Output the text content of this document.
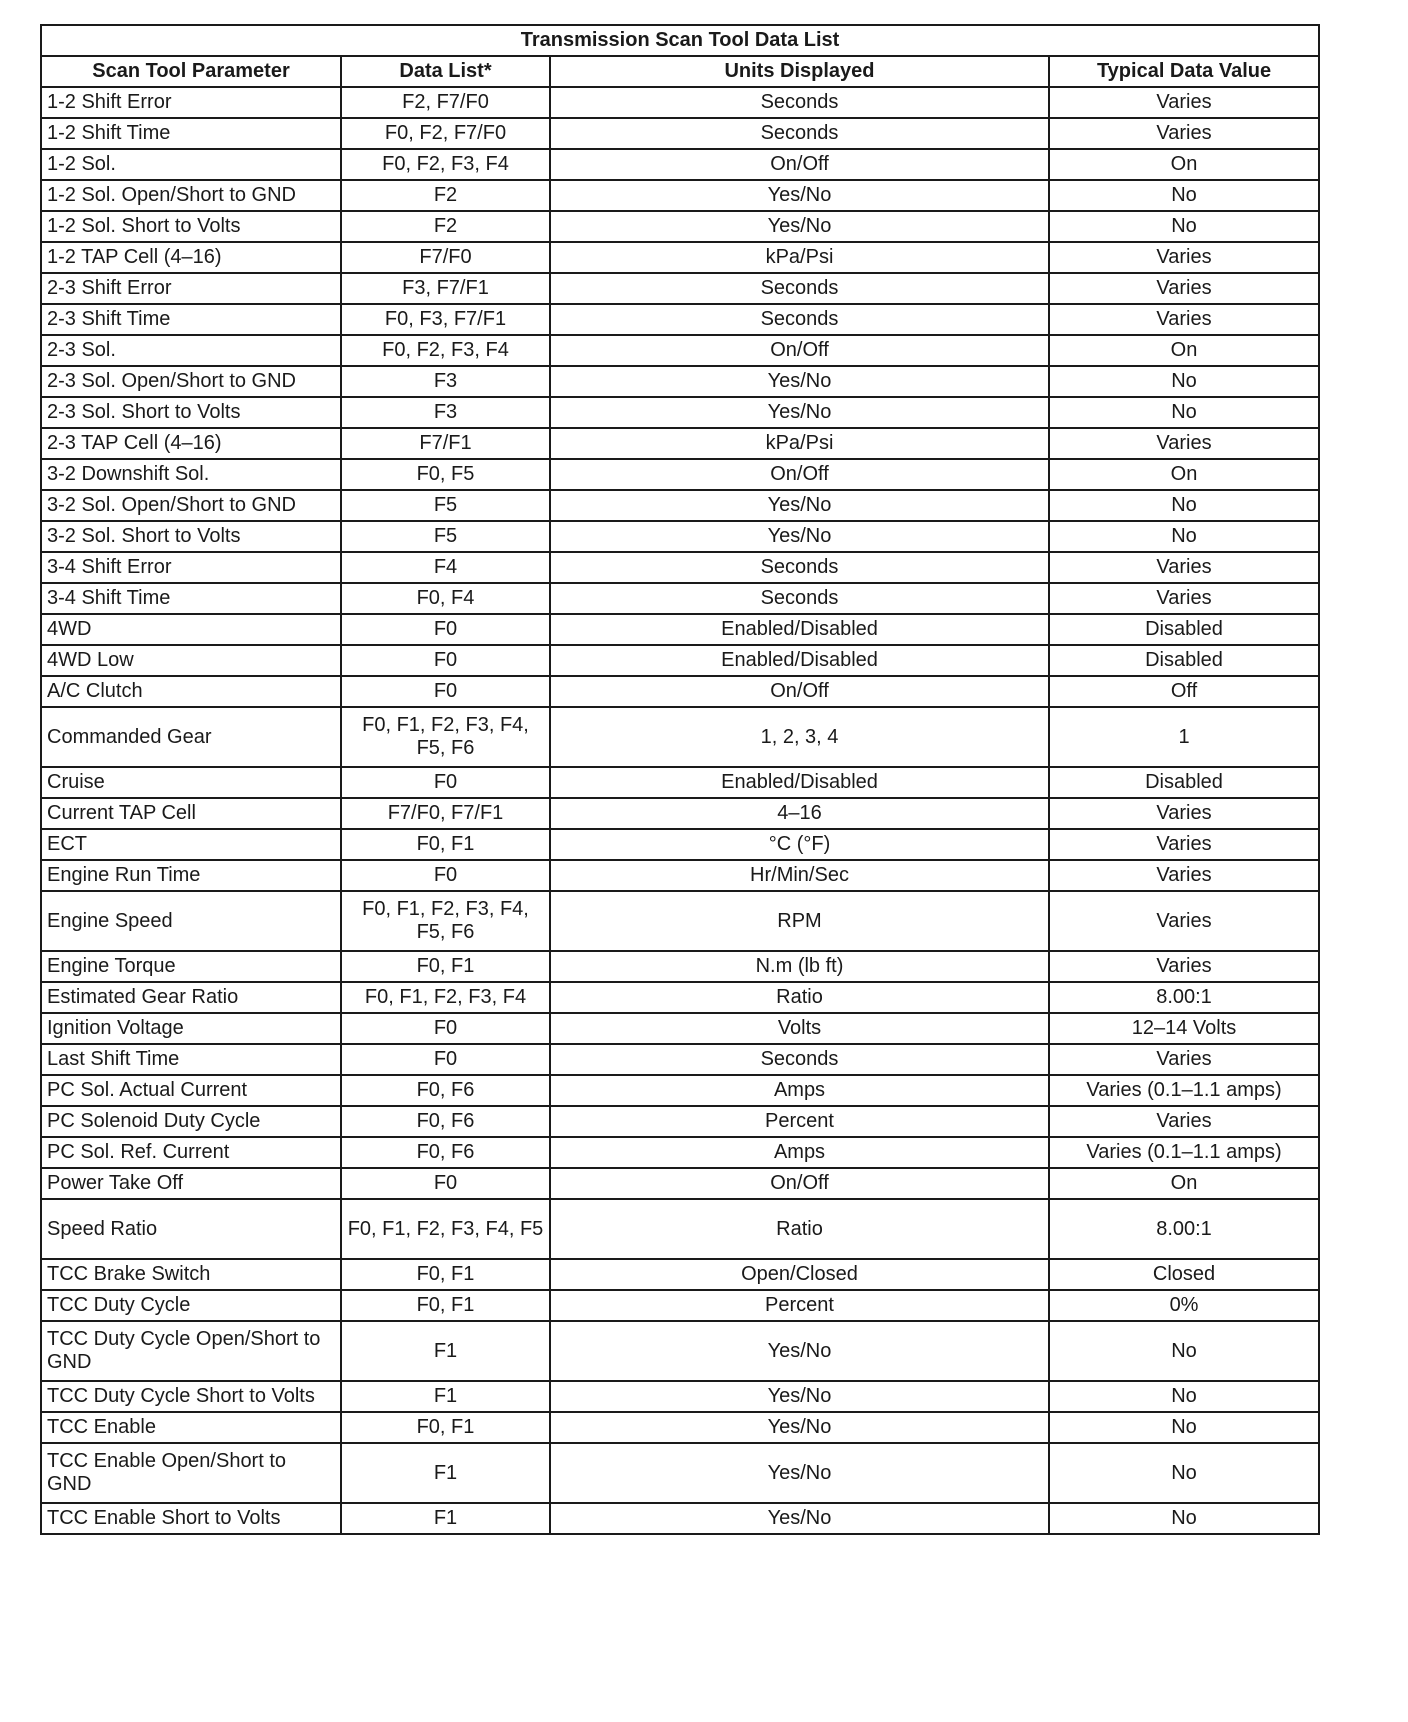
Transmission Scan Tool Data List			
Scan Tool Parameter	Data List*	Units Displayed	Typical Data Value
1-2 Shift Error	F2, F7/F0	Seconds	Varies
1-2 Shift Time	F0, F2, F7/F0	Seconds	Varies
1-2 Sol.	F0, F2, F3, F4	On/Off	On
1-2 Sol. Open/Short to GND	F2	Yes/No	No
1-2 Sol. Short to Volts	F2	Yes/No	No
1-2 TAP Cell (4–16)	F7/F0	kPa/Psi	Varies
2-3 Shift Error	F3, F7/F1	Seconds	Varies
2-3 Shift Time	F0, F3, F7/F1	Seconds	Varies
2-3 Sol.	F0, F2, F3, F4	On/Off	On
2-3 Sol. Open/Short to GND	F3	Yes/No	No
2-3 Sol. Short to Volts	F3	Yes/No	No
2-3 TAP Cell (4–16)	F7/F1	kPa/Psi	Varies
3-2 Downshift Sol.	F0, F5	On/Off	On
3-2 Sol. Open/Short to GND	F5	Yes/No	No
3-2 Sol. Short to Volts	F5	Yes/No	No
3-4 Shift Error	F4	Seconds	Varies
3-4 Shift Time	F0, F4	Seconds	Varies
4WD	F0	Enabled/Disabled	Disabled
4WD Low	F0	Enabled/Disabled	Disabled
A/C Clutch	F0	On/Off	Off
Commanded Gear	F0, F1, F2, F3, F4, F5, F6	1, 2, 3, 4	1
Cruise	F0	Enabled/Disabled	Disabled
Current TAP Cell	F7/F0, F7/F1	4–16	Varies
ECT	F0, F1	°C (°F)	Varies
Engine Run Time	F0	Hr/Min/Sec	Varies
Engine Speed	F0, F1, F2, F3, F4, F5, F6	RPM	Varies
Engine Torque	F0, F1	N.m (lb ft)	Varies
Estimated Gear Ratio	F0, F1, F2, F3, F4	Ratio	8.00:1
Ignition Voltage	F0	Volts	12–14 Volts
Last Shift Time	F0	Seconds	Varies
PC Sol. Actual Current	F0, F6	Amps	Varies (0.1–1.1 amps)
PC Solenoid Duty Cycle	F0, F6	Percent	Varies
PC Sol. Ref. Current	F0, F6	Amps	Varies (0.1–1.1 amps)
Power Take Off	F0	On/Off	On
Speed Ratio	F0, F1, F2, F3, F4, F5	Ratio	8.00:1
TCC Brake Switch	F0, F1	Open/Closed	Closed
TCC Duty Cycle	F0, F1	Percent	0%
TCC Duty Cycle Open/Short to GND	F1	Yes/No	No
TCC Duty Cycle Short to Volts	F1	Yes/No	No
TCC Enable	F0, F1	Yes/No	No
TCC Enable Open/Short to GND	F1	Yes/No	No
TCC Enable Short to Volts	F1	Yes/No	No
